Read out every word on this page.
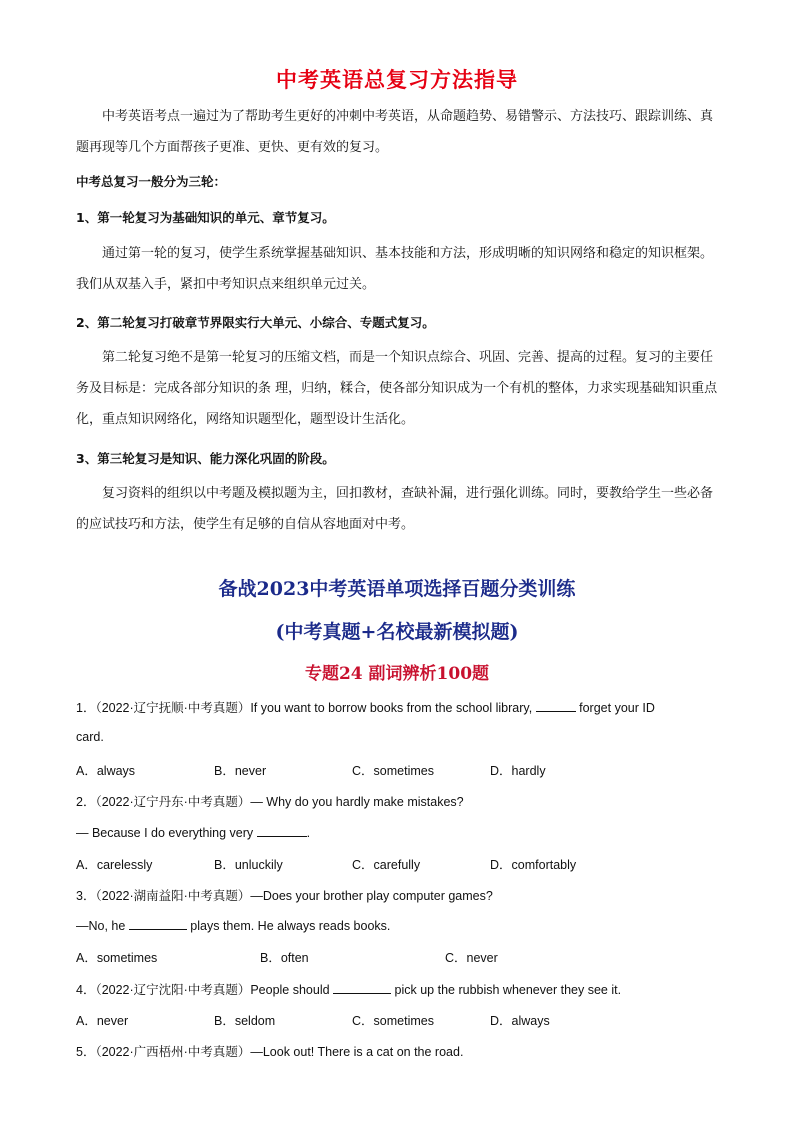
中考英语总复习方法指导
中考英语考点一遍过为了帮助考生更好的冲刺中考英语，从命题趋势、易错警示、方法技巧、跟踪训练、真题再现等几个方面帮孩子更准、更快、更有效的复习。
中考总复习一般分为三轮：
1、第一轮复习为基础知识的单元、章节复习。
通过第一轮的复习，使学生系统掌握基础知识、基本技能和方法，形成明晰的知识网络和稳定的知识框架。我们从双基入手，紧扣中考知识点来组织单元过关。
2、第二轮复习打破章节界限实行大单元、小综合、专题式复习。
第二轮复习绝不是第一轮复习的压缩文档，而是一个知识点综合、巩固、完善、提高的过程。复习的主要任务及目标是：完成各部分知识的条 理，归纳，糅合，使各部分知识成为一个有机的整体，力求实现基础知识重点化，重点知识网络化，网络知识题型化，题型设计生活化。
3、第三轮复习是知识、能力深化巩固的阶段。
复习资料的组织以中考题及模拟题为主，回扣教材，查缺补漏，进行强化训练。同时，要教给学生一些必备的应试技巧和方法，使学生有足够的自信从容地面对中考。
备战2023中考英语单项选择百题分类训练
(中考真题+名校最新模拟题)
专题24 副词辨析100题
1．（2022·辽宁抚顺·中考真题）If you want to borrow books from the school library,	forget your ID
card.
A．always	B．never	C．sometimes	D．hardly
2．（2022·辽宁丹东·中考真题）— Why do you hardly make mistakes?
— Because I do everything very	.
A．carelessly	B．unluckily	C．carefully	D．comfortably
3．（2022·湖南益阳·中考真题）—Does your brother play computer games?
—No, he	plays them. He always reads books.
A．sometimes	B．often	C．never
4．（2022·辽宁沈阳·中考真题）People should	pick up the rubbish whenever they see it.
A．never	B．seldom	C．sometimes	D．always
5．（2022·广西梧州·中考真题）—Look out! There is a cat on the road.
